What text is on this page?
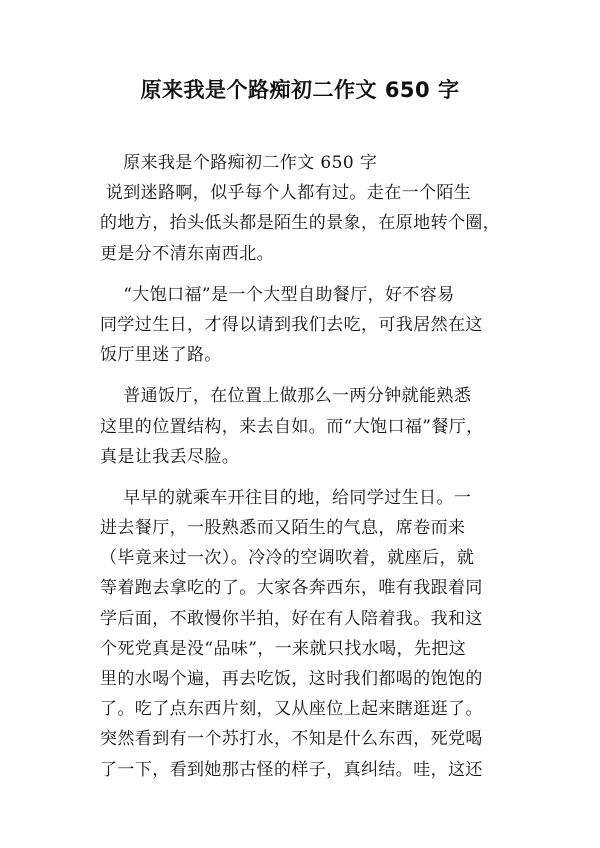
原来我是个路痴初二作文 650 字
原来我是个路痴初二作文 650 字
说到迷路啊，似乎每个人都有过。走在一个陌生
的地方，抬头低头都是陌生的景象，在原地转个圈，
更是分不清东南西北。
“大饱口福”是一个大型自助餐厅，好不容易
同学过生日，才得以请到我们去吃，可我居然在这
饭厅里迷了路。
普通饭厅，在位置上做那么一两分钟就能熟悉
这里的位置结构，来去自如。而“大饱口福”餐厅，
真是让我丢尽脸。
早早的就乘车开往目的地，给同学过生日。一
进去餐厅，一股熟悉而又陌生的气息，席卷而来
（毕竟来过一次）。冷冷的空调吹着，就座后，就
等着跑去拿吃的了。大家各奔西东，唯有我跟着同
学后面，不敢慢你半拍，好在有人陪着我。我和这
个死党真是没“品味”，一来就只找水喝，先把这
里的水喝个遍，再去吃饭，这时我们都喝的饱饱的
了。吃了点东西片刻，又从座位上起来瞎逛逛了。
突然看到有一个苏打水，不知是什么东西，死党喝
了一下，看到她那古怪的样子，真纠结。哇，这还
